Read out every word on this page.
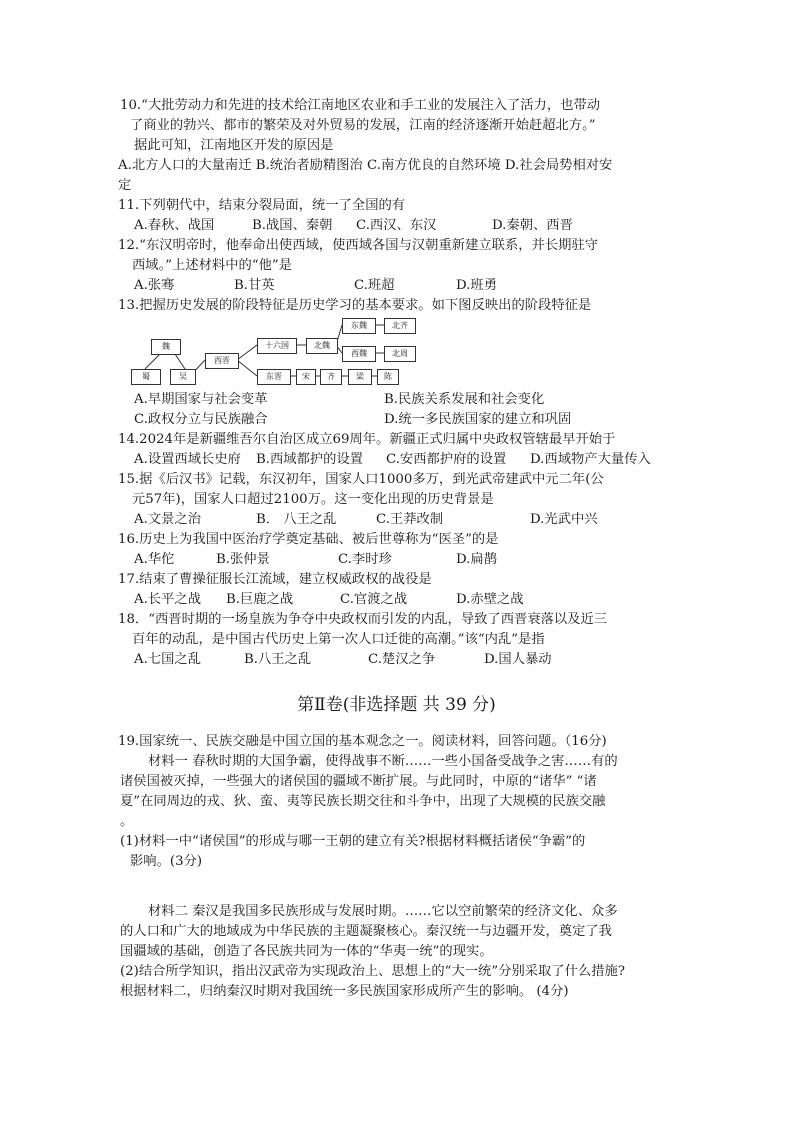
10.“大批劳动力和先进的技术给江南地区农业和手工业的发展注入了活力，也带动
了商业的勃兴、都市的繁荣及对外贸易的发展，江南的经济逐渐开始赶超北方。”
据此可知，江南地区开发的原因是
A.北方人口的大量南迁 B.统治者励精图治 C.南方优良的自然环境 D.社会局势相对安
定
11.下列朝代中，结束分裂局面，统一了全国的有
A.春秋、战国	B.战国、秦朝 C.西汉、东汉	D.秦朝、西晋
12.“东汉明帝时，他奉命出使西域，使西域各国与汉朝重新建立联系，并长期驻守
西域。”上述材料中的“他”是
A.张骞	B.甘英	C.班超	D.班勇
13.把握历史发展的阶段特征是历史学习的基本要求。如下图反映出的阶段特征是
魏
蜀	吴
西晋
十六国	北魏
东魏	北齐
西魏	北周
东晋	宋	齐	梁	陈
A.早期国家与社会变革	B.民族关系发展和社会变化
C.政权分立与民族融合	D.统一多民族国家的建立和巩固
14.2024年是新疆维吾尔自治区成立69周年。新疆正式归属中央政权管辖最早开始于
A.设置西域长史府 B.西域都护的设置 C.安西都护府的设置 D.西域物产大量传入
15.据《后汉书》记载，东汉初年，国家人口1000多万，到光武帝建武中元二年(公
元57年)，国家人口超过2100万。这一变化出现的历史背景是
A.文景之治	B． 八王之乱	C.王莽改制	D.光武中兴
16.历史上为我国中医治疗学奠定基础、被后世尊称为“医圣”的是
A.华佗	B.张仲景	C.李时珍	D.扁鹊
17.结束了曹操征服长江流域，建立权威政权的战役是
A.长平之战 B.巨鹿之战	C.官渡之战	D.赤壁之战
18．“西晋时期的一场皇族为争夺中央政权而引发的内乱，导致了西晋衰落以及近三
百年的动乱，是中国古代历史上第一次人口迁徙的高潮。”该“内乱”是指
A.七国之乱	B.八王之乱	C.楚汉之争	D.国人暴动
第Ⅱ卷(非选择题 共 39 分)
19.国家统一、民族交融是中国立国的基本观念之一。阅读材料，回答问题。（16分)
材料一 春秋时期的大国争霸，使得战事不断……一些小国备受战争之害……有的
诸侯国被灭掉，一些强大的诸侯国的疆域不断扩展。与此同时，中原的“诸华” “诸
夏”在同周边的戎、狄、蛮、夷等民族长期交往和斗争中，出现了大规模的民族交融
。
(1)材料一中“诸侯国”的形成与哪一王朝的建立有关?根据材料概括诸侯“争霸”的
影响。(3分)
材料二 秦汉是我国多民族形成与发展时期。……它以空前繁荣的经济文化、众多
的人口和广大的地域成为中华民族的主题凝聚核心。秦汉统一与边疆开发，奠定了我
国疆域的基础，创造了各民族共同为一体的“华夷一统”的现实。
(2)结合所学知识，指出汉武帝为实现政治上、思想上的“大一统”分别采取了什么措施?
根据材料二，归纳秦汉时期对我国统一多民族国家形成所产生的影响。 (4分)
